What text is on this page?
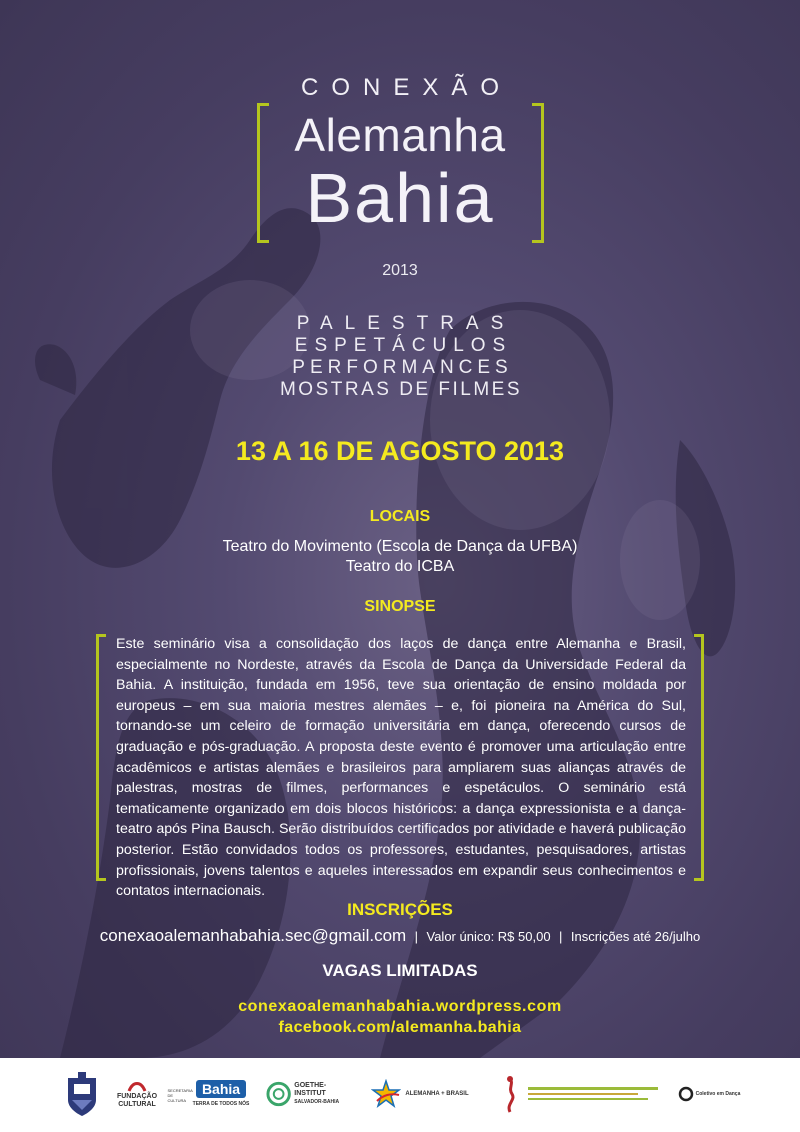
CONEXÃO
Alemanha
Bahia
2013
PALESTRAS
ESPETÁCULOS
PERFORMANCES
MOSTRAS DE FILMES
13 A 16 DE AGOSTO 2013
LOCAIS
Teatro do Movimento (Escola de Dança da UFBA)
Teatro do ICBA
SINOPSE

Este seminário visa a consolidação dos laços de dança entre Alemanha e Brasil, especialmente no Nordeste, através da Escola de Dança da Universidade Federal da Bahia. A instituição, fundada em 1956, teve sua orientação de ensino moldada por europeus – em sua maioria mestres alemães – e, foi pioneira na América do Sul, tornando-se um celeiro de formação universitária em dança, oferecendo cursos de graduação e pós-graduação. A proposta deste evento é promover uma articulação entre acadêmicos e artistas alemães e brasileiros para ampliarem suas alianças através de palestras, mostras de filmes, performances e espetáculos. O seminário está tematicamente organizado em dois blocos históricos: a dança expressionista e a dança-teatro após Pina Bausch. Serão distribuídos certificados por atividade e haverá publicação posterior. Estão convidados todos os professores, estudantes, pesquisadores, artistas profissionais, jovens talentos e aqueles interessados em expandir seus conhecimentos e contatos internacionais.

INSCRIÇÕES
conexaoalemanhabahia.sec@gmail.com | Valor único: R$ 50,00 | Inscrições até 26/julho
VAGAS LIMITADAS
conexaoalemanhabahia.wordpress.com
facebook.com/alemanha.bahia
FUNDAÇÃO CULTURAL
SECRETARIA DE CULTURA
Bahia
TERRA DE TODOS NÓS
GOETHE-INSTITUT
SALVADOR-BAHIA
ALEMANHA + BRASIL	Coletivo em Dança
